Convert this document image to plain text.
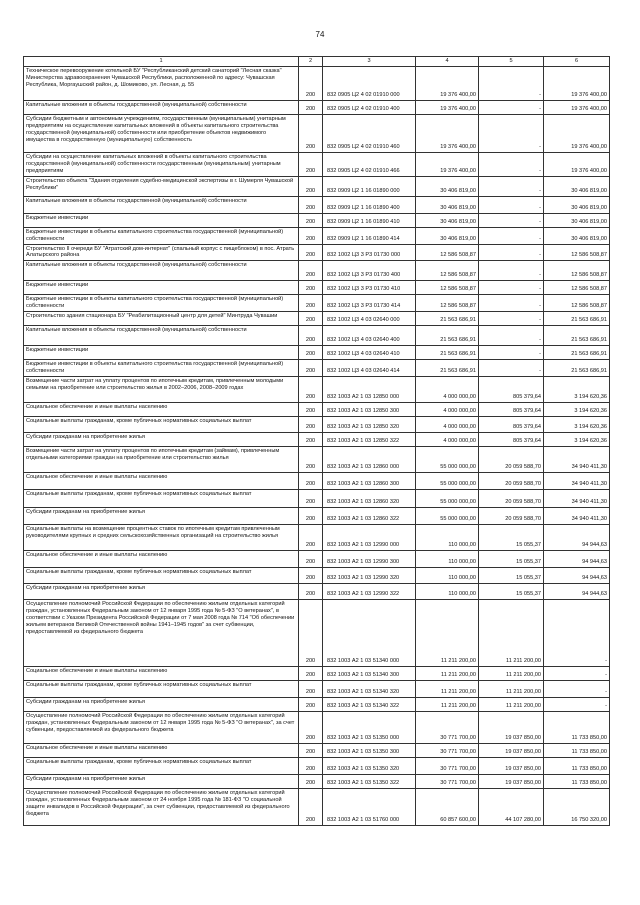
74
1	2	3	4	5	6
Техническое перевооружение котельной БУ "Республиканский детский санаторий "Лесная сказка" Министерства здравоохранения Чувашской Республики, расположенной по адресу: Чувашская Республика, Моргаушский район, д. Шомиково, ул. Лесная, д. 55	200	832 0905 Ц2 4 02 01910 000	19 376 400,00	-	19 376 400,00
Капитальные вложения в объекты государственной (муниципальной) собственности	200	832 0905 Ц2 4 02 01910 400	19 376 400,00	-	19 376 400,00
Субсидии бюджетным и автономным учреждениям, государственным (муниципальным) унитарным предприятиям на осуществление капитальных вложений в объекты капитального строительства государственной (муниципальной) собственности или приобретение объектов недвижимого имущества в государственную (муниципальную) собственность	200	832 0905 Ц2 4 02 01910 460	19 376 400,00	-	19 376 400,00
Субсидии на осуществление капитальных вложений в объекты капитального строительства государственной (муниципальной) собственности государственным (муниципальным) унитарным предприятиям	200	832 0905 Ц2 4 02 01910 466	19 376 400,00	-	19 376 400,00
Строительство объекта "Здания отделения судебно-медицинской экспертизы в г. Шумерля Чувашской Республики"	200	832 0909 Ц2 1 16 01890 000	30 406 819,00	-	30 406 819,00
Капитальные вложения в объекты государственной (муниципальной) собственности	200	832 0909 Ц2 1 16 01890 400	30 406 819,00	-	30 406 819,00
Бюджетные инвестиции	200	832 0909 Ц2 1 16 01890 410	30 406 819,00	-	30 406 819,00
Бюджетные инвестиции в объекты капитального строительства государственной (муниципальной) собственности	200	832 0909 Ц2 1 16 01890 414	30 406 819,00	-	30 406 819,00
Строительство II очереди БУ "Атратский дом-интернат" (спальный корпус с пищеблоком) в пос. Атрать Алатырского района	200	832 1002 Ц3 3 Р3 01730 000	12 586 508,87	-	12 586 508,87
Капитальные вложения в объекты государственной (муниципальной) собственности	200	832 1002 Ц3 3 Р3 01730 400	12 586 508,87	-	12 586 508,87
Бюджетные инвестиции	200	832 1002 Ц3 3 Р3 01730 410	12 586 508,87	-	12 586 508,87
Бюджетные инвестиции в объекты капитального строительства государственной (муниципальной) собственности	200	832 1002 Ц3 3 Р3 01730 414	12 586 508,87	-	12 586 508,87
Строительство здания стационара БУ "Реабилитационный центр для детей" Минтруда Чувашии	200	832 1002 Ц3 4 03 02640 000	21 563 686,91	-	21 563 686,91
Капитальные вложения в объекты государственной (муниципальной) собственности	200	832 1002 Ц3 4 03 02640 400	21 563 686,91	-	21 563 686,91
Бюджетные инвестиции	200	832 1002 Ц3 4 03 02640 410	21 563 686,91	-	21 563 686,91
Бюджетные инвестиции в объекты капитального строительства государственной (муниципальной) собственности	200	832 1002 Ц3 4 03 02640 414	21 563 686,91	-	21 563 686,91
Возмещение части затрат на уплату процентов по ипотечным кредитам, привлеченным молодыми семьями на приобретение или строительство жилья в 2002–2006, 2008–2009 годах	200	832 1003 А2 1 03 12850 000	4 000 000,00	805 379,64	3 194 620,36
Социальное обеспечение и иные выплаты населению	200	832 1003 А2 1 03 12850 300	4 000 000,00	805 379,64	3 194 620,36
Социальные выплаты гражданам, кроме публичных нормативных социальных выплат	200	832 1003 А2 1 03 12850 320	4 000 000,00	805 379,64	3 194 620,36
Субсидии гражданам на приобретение жилья	200	832 1003 А2 1 03 12850 322	4 000 000,00	805 379,64	3 194 620,36
Возмещение части затрат на уплату процентов по ипотечным кредитам (займам), привлеченным отдельными категориями граждан на приобретение или строительство жилья	200	832 1003 А2 1 03 12860 000	55 000 000,00	20 059 588,70	34 940 411,30
Социальное обеспечение и иные выплаты населению	200	832 1003 А2 1 03 12860 300	55 000 000,00	20 059 588,70	34 940 411,30
Социальные выплаты гражданам, кроме публичных нормативных социальных выплат	200	832 1003 А2 1 03 12860 320	55 000 000,00	20 059 588,70	34 940 411,30
Субсидии гражданам на приобретение жилья	200	832 1003 А2 1 03 12860 322	55 000 000,00	20 059 588,70	34 940 411,30
Социальные выплаты на возмещение процентных ставок по ипотечным кредитам привлеченным руководителями крупных и средних сельскохозяйственных организаций на строительство жилья	200	832 1003 А2 1 03 12990 000	110 000,00	15 055,37	94 944,63
Социальное обеспечение и иные выплаты населению	200	832 1003 А2 1 03 12990 300	110 000,00	15 055,37	94 944,63
Социальные выплаты гражданам, кроме публичных нормативных социальных выплат	200	832 1003 А2 1 03 12990 320	110 000,00	15 055,37	94 944,63
Субсидии гражданам на приобретение жилья	200	832 1003 А2 1 03 12990 322	110 000,00	15 055,37	94 944,63
Осуществление полномочий Российской Федерации по обеспечению жильем отдельных категорий граждан, установленных Федеральным законом от 12 января 1995 года № 5-ФЗ "О ветеранах", в соответствии с Указом Президента Российской Федерации от 7 мая 2008 года № 714 "Об обеспечении жильем ветеранов Великой Отечественной войны 1941–1945 годов" за счет субвенции, предоставляемой из федерального бюджета	200	832 1003 А2 1 03 51340 000	11 211 200,00	11 211 200,00	-
Социальное обеспечение и иные выплаты населению	200	832 1003 А2 1 03 51340 300	11 211 200,00	11 211 200,00	-
Социальные выплаты гражданам, кроме публичных нормативных социальных выплат	200	832 1003 А2 1 03 51340 320	11 211 200,00	11 211 200,00	-
Субсидии гражданам на приобретение жилья	200	832 1003 А2 1 03 51340 322	11 211 200,00	11 211 200,00	-
Осуществление полномочий Российской Федерации по обеспечению жильем отдельных категорий граждан, установленных Федеральным законом от 12 января 1995 года № 5-ФЗ "О ветеранах", за счет субвенции, предоставляемой из федерального бюджета	200	832 1003 А2 1 03 51350 000	30 771 700,00	19 037 850,00	11 733 850,00
Социальное обеспечение и иные выплаты населению	200	832 1003 А2 1 03 51350 300	30 771 700,00	19 037 850,00	11 733 850,00
Социальные выплаты гражданам, кроме публичных нормативных социальных выплат	200	832 1003 А2 1 03 51350 320	30 771 700,00	19 037 850,00	11 733 850,00
Субсидии гражданам на приобретение жилья	200	832 1003 А2 1 03 51350 322	30 771 700,00	19 037 850,00	11 733 850,00
Осуществление полномочий Российской Федерации по обеспечению жильем отдельных категорий граждан, установленных Федеральным законом от 24 ноября 1995 года № 181-ФЗ "О социальной защите инвалидов в Российской Федерации", за счет субвенции, предоставляемой из федерального бюджета	200	832 1003 А2 1 03 51760 000	60 857 600,00	44 107 280,00	16 750 320,00
